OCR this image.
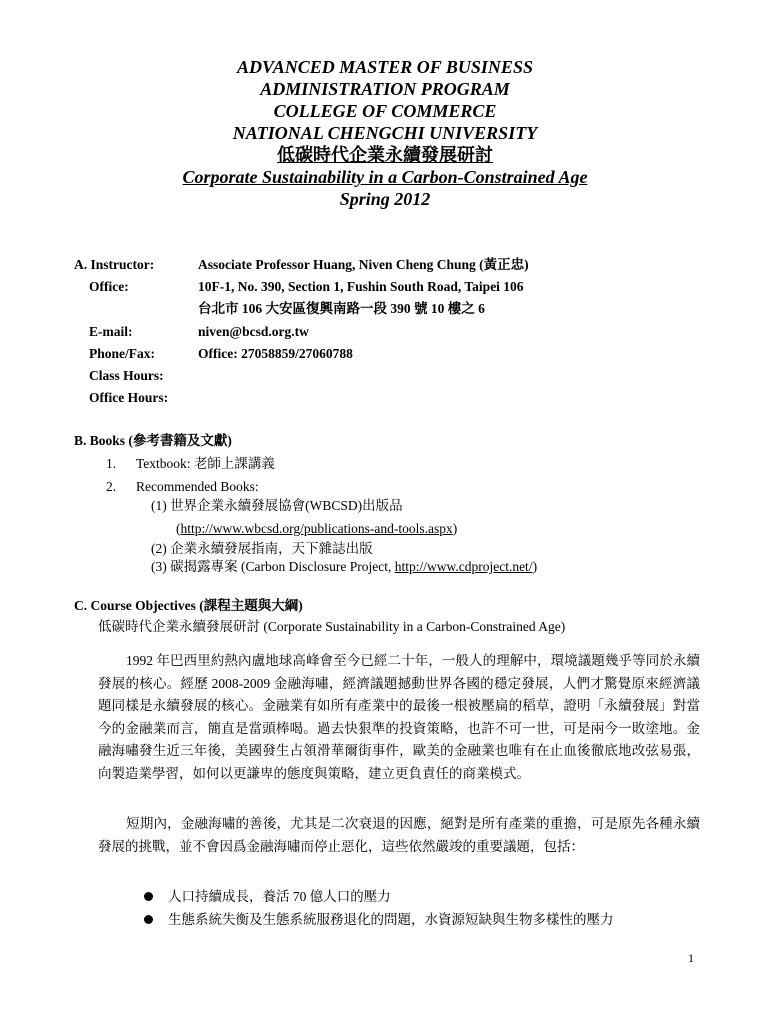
ADVANCED MASTER OF BUSINESS
ADMINISTRATION PROGRAM
COLLEGE OF COMMERCE
NATIONAL CHENGCHI UNIVERSITY
低碳時代企業永續發展研討
Corporate Sustainability in a Carbon-Constrained Age
Spring 2012
A. Instructor:	Associate Professor Huang, Niven Cheng Chung (黃正忠)
Office:	10F-1, No. 390, Section 1, Fushin South Road, Taipei 106
台北市 106 大安區復興南路一段 390 號 10 樓之 6
E-mail:	niven@bcsd.org.tw
Phone/Fax:	Office: 27058859/27060788
Class Hours:
Office Hours:
B. Books (參考書籍及文獻)
1. Textbook: 老師上課講義
2. Recommended Books:
(1) 世界企業永續發展協會(WBCSD)出版品
(http://www.wbcsd.org/publications-and-tools.aspx)
(2) 企業永續發展指南，天下雜誌出版
(3) 碳揭露專案 (Carbon Disclosure Project, http://www.cdproject.net/)
C. Course Objectives (課程主題與大綱)
低碳時代企業永續發展研討 (Corporate Sustainability in a Carbon-Constrained Age)
1992 年巴西里約熱內盧地球高峰會至今已經二十年，一般人的理解中，環境議題幾乎等同於永續發展的核心。經歷 2008-2009 金融海嘯，經濟議題撼動世界各國的穩定發展，人們才驚覺原來經濟議題同樣是永續發展的核心。金融業有如所有產業中的最後一根被壓扁的稻草，證明「永續發展」對當今的金融業而言，簡直是當頭棒喝。過去快狠準的投資策略，也許不可一世，可是兩今一敗塗地。金融海嘯發生近三年後，美國發生占領滑華爾街事件，歐美的金融業也唯有在止血後徹底地改弦易張，向製造業學習，如何以更謙卑的態度與策略，建立更負責任的商業模式。
短期內，金融海嘯的善後，尤其是二次衰退的因應，絕對是所有產業的重擔，可是原先各種永續發展的挑戰，並不會因爲金融海嘯而停止惡化，這些依然嚴竣的重要議題，包括：
人口持續成長，養活 70 億人口的壓力
生態系統失衡及生態系統服務退化的問題，水資源短缺與生物多樣性的壓力
1
